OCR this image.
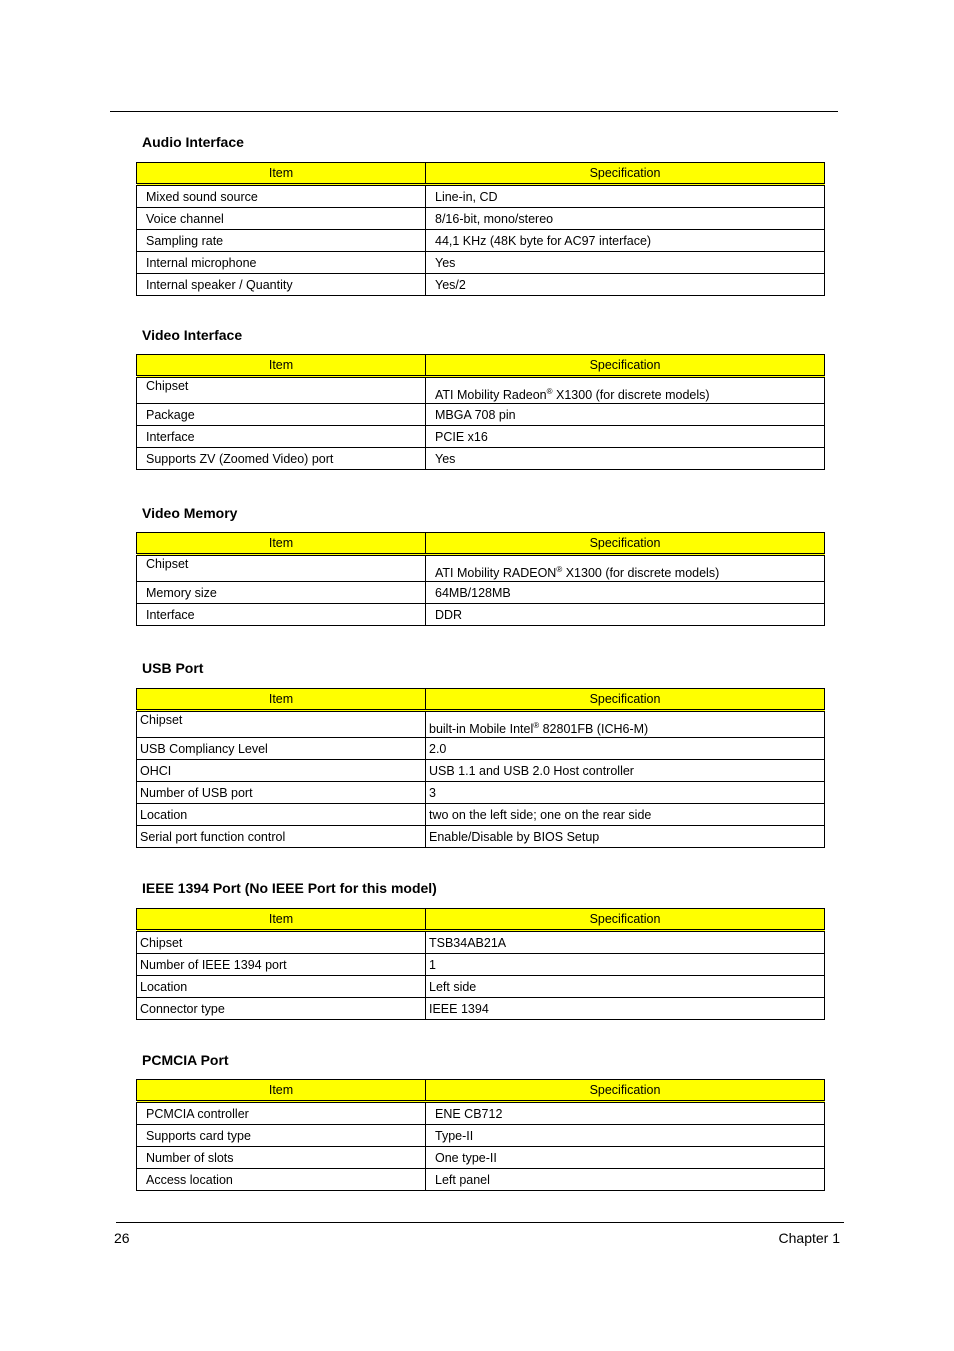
Audio Interface
Item	Specification
Mixed sound source	Line-in, CD
Voice channel	8/16-bit, mono/stereo
Sampling rate	44,1 KHz (48K byte for AC97 interface)
Internal microphone	Yes
Internal speaker / Quantity	Yes/2
Video Interface
Item	Specification
Chipset	ATI Mobility Radeon® X1300 (for discrete models)
Package	MBGA 708 pin
Interface	PCIE x16
Supports ZV (Zoomed Video) port	Yes
Video Memory
Item	Specification
Chipset	ATI Mobility RADEON® X1300 (for discrete models)
Memory size	64MB/128MB
Interface	DDR
USB Port
Item	Specification
Chipset	built-in Mobile Intel® 82801FB (ICH6-M)
USB Compliancy Level	2.0
OHCI	USB 1.1 and USB 2.0 Host controller
Number of USB port	3
Location	two on the left side; one on the rear side
Serial port function control	Enable/Disable by BIOS Setup
IEEE 1394 Port (No IEEE Port for this model)
Item	Specification
Chipset	TSB34AB21A
Number of IEEE 1394 port	1
Location	Left side
Connector type	IEEE 1394
PCMCIA Port
Item	Specification
PCMCIA controller	ENE CB712
Supports card type	Type-II
Number of slots	One type-II
Access location	Left panel
26	Chapter 1
